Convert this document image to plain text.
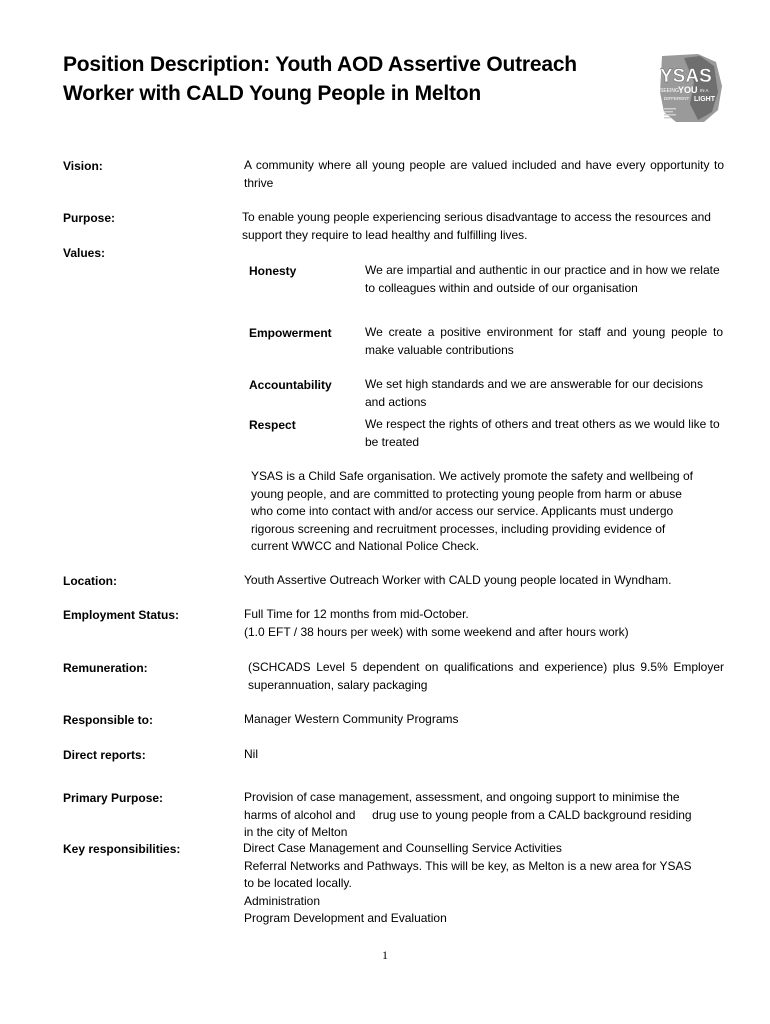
Position Description: Youth AOD Assertive Outreach Worker with CALD Young People in Melton
YSAS
SEEING YOU IN A
DIFFERENT LIGHT
Vision:	A community where all young people are valued included and have every opportunity to thrive
Purpose:	To enable young people experiencing serious disadvantage to access the resources and support they require to lead healthy and fulfilling lives.
Values:
Honesty	We are impartial and authentic in our practice and in how we relate to colleagues within and outside of our organisation
Empowerment	We create a positive environment for staff and young people to make valuable contributions
Accountability	We set high standards and we are answerable for our decisions and actions
Respect	We respect the rights of others and treat others as we would like to be treated
YSAS is a Child Safe organisation. We actively promote the safety and wellbeing of
young people, and are committed to protecting young people from harm or abuse
who come into contact with and/or access our service. Applicants must undergo
rigorous screening and recruitment processes, including providing evidence of
current WWCC and National Police Check.
Location:	Youth Assertive Outreach Worker with CALD young people located in Wyndham.
Employment Status:	Full Time for 12 months from mid-October.
(1.0 EFT / 38 hours per week) with some weekend and after hours work)
Remuneration:	(SCHCADS Level 5 dependent on qualifications and experience) plus 9.5% Employer superannuation, salary packaging
Responsible to:	Manager Western Community Programs
Direct reports:	Nil
Primary Purpose:	Provision of case management, assessment, and ongoing support to minimise the
harms of alcohol and     drug use to young people from a CALD background residing
in the city of Melton
Key responsibilities:	Direct Case Management and Counselling Service Activities
Referral Networks and Pathways. This will be key, as Melton is a new area for YSAS
to be located locally.
Administration
Program Development and Evaluation
1
